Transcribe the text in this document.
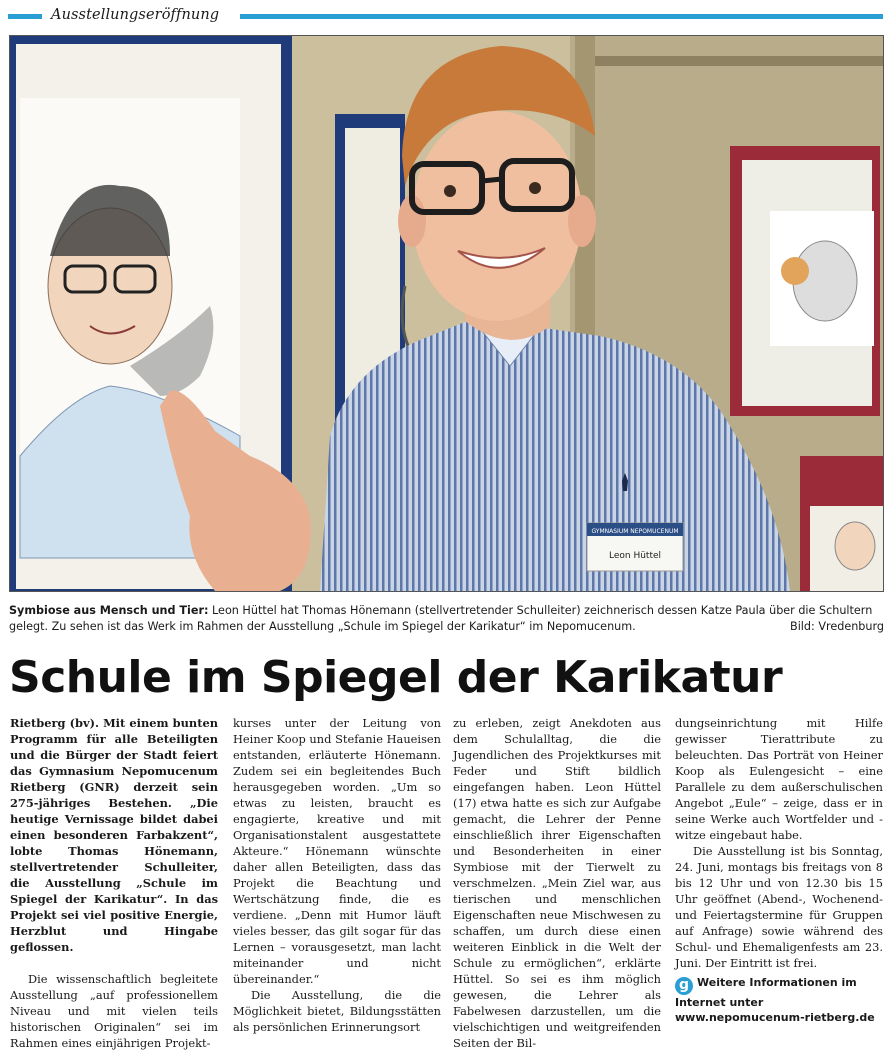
Ausstellungseröffnung
GYMNASIUM NEPOMUCENUM
Leon Hüttel
Symbiose aus Mensch und Tier: Leon Hüttel hat Thomas Hönemann (stellvertretender Schulleiter) zeichnerisch dessen Katze Paula über die Schultern gelegt. Zu sehen ist das Werk im Rahmen der Ausstellung „Schule im Spiegel der Karikatur“ im Nepomucenum.	Bild: Vredenburg
Schule im Spiegel der Karikatur

Rietberg (bv). Mit einem bunten Programm für alle Beteiligten und die Bürger der Stadt feiert das Gymnasium Nepomucenum Rietberg (GNR) derzeit sein 275-jähriges Bestehen. „Die heutige Vernissage bildet dabei einen besonderen Farbakzent“, lobte Thomas Hönemann, stellvertretender Schulleiter, die Ausstellung „Schule im Spiegel der Karikatur“. In das Projekt sei viel positive Energie, Herzblut und Hingabe geflossen.

Die wissenschaftlich begleitete Ausstellung „auf professionellem Niveau und mit vielen teils historischen Originalen“ sei im Rahmen eines einjährigen Projekt-

kurses unter der Leitung von Heiner Koop und Stefanie Haueisen entstanden, erläuterte Hönemann. Zudem sei ein begleitendes Buch herausgegeben worden. „Um so etwas zu leisten, braucht es engagierte, kreative und mit Organisationstalent ausgestattete Akteure.“ Hönemann wünschte daher allen Beteiligten, dass das Projekt die Beachtung und Wertschätzung finde, die es verdiene. „Denn mit Humor läuft vieles besser, das gilt sogar für das Lernen – vorausgesetzt, man lacht miteinander und nicht übereinander.“

Die Ausstellung, die die Möglichkeit bietet, Bildungsstätten als persönlichen Erinnerungsort

zu erleben, zeigt Anekdoten aus dem Schulalltag, die die Jugendlichen des Projektkurses mit Feder und Stift bildlich eingefangen haben. Leon Hüttel (17) etwa hatte es sich zur Aufgabe gemacht, die Lehrer der Penne einschließlich ihrer Eigenschaften und Besonderheiten in einer Symbiose mit der Tierwelt zu verschmelzen. „Mein Ziel war, aus tierischen und menschlichen Eigenschaften neue Mischwesen zu schaffen, um durch diese einen weiteren Einblick in die Welt der Schule zu ermöglichen“, erklärte Hüttel. So sei es ihm möglich gewesen, die Lehrer als Fabelwesen darzustellen, um die vielschichtigen und weitgreifenden Seiten der Bil-

dungseinrichtung mit Hilfe gewisser Tierattribute zu beleuchten. Das Porträt von Heiner Koop als Eulengesicht – eine Parallele zu dem außerschulischen Angebot „Eule“ – zeige, dass er in seine Werke auch Wortfelder und -witze eingebaut habe.

Die Ausstellung ist bis Sonntag, 24. Juni, montags bis freitags von 8 bis 12 Uhr und von 12.30 bis 15 Uhr geöffnet (Abend-, Wochenend- und Feiertagstermine für Gruppen auf Anfrage) sowie während des Schul- und Ehemaligenfests am 23. Juni. Der Eintritt ist frei.

g Weitere Informationen im Internet unter www.nepomucenum-rietberg.de
